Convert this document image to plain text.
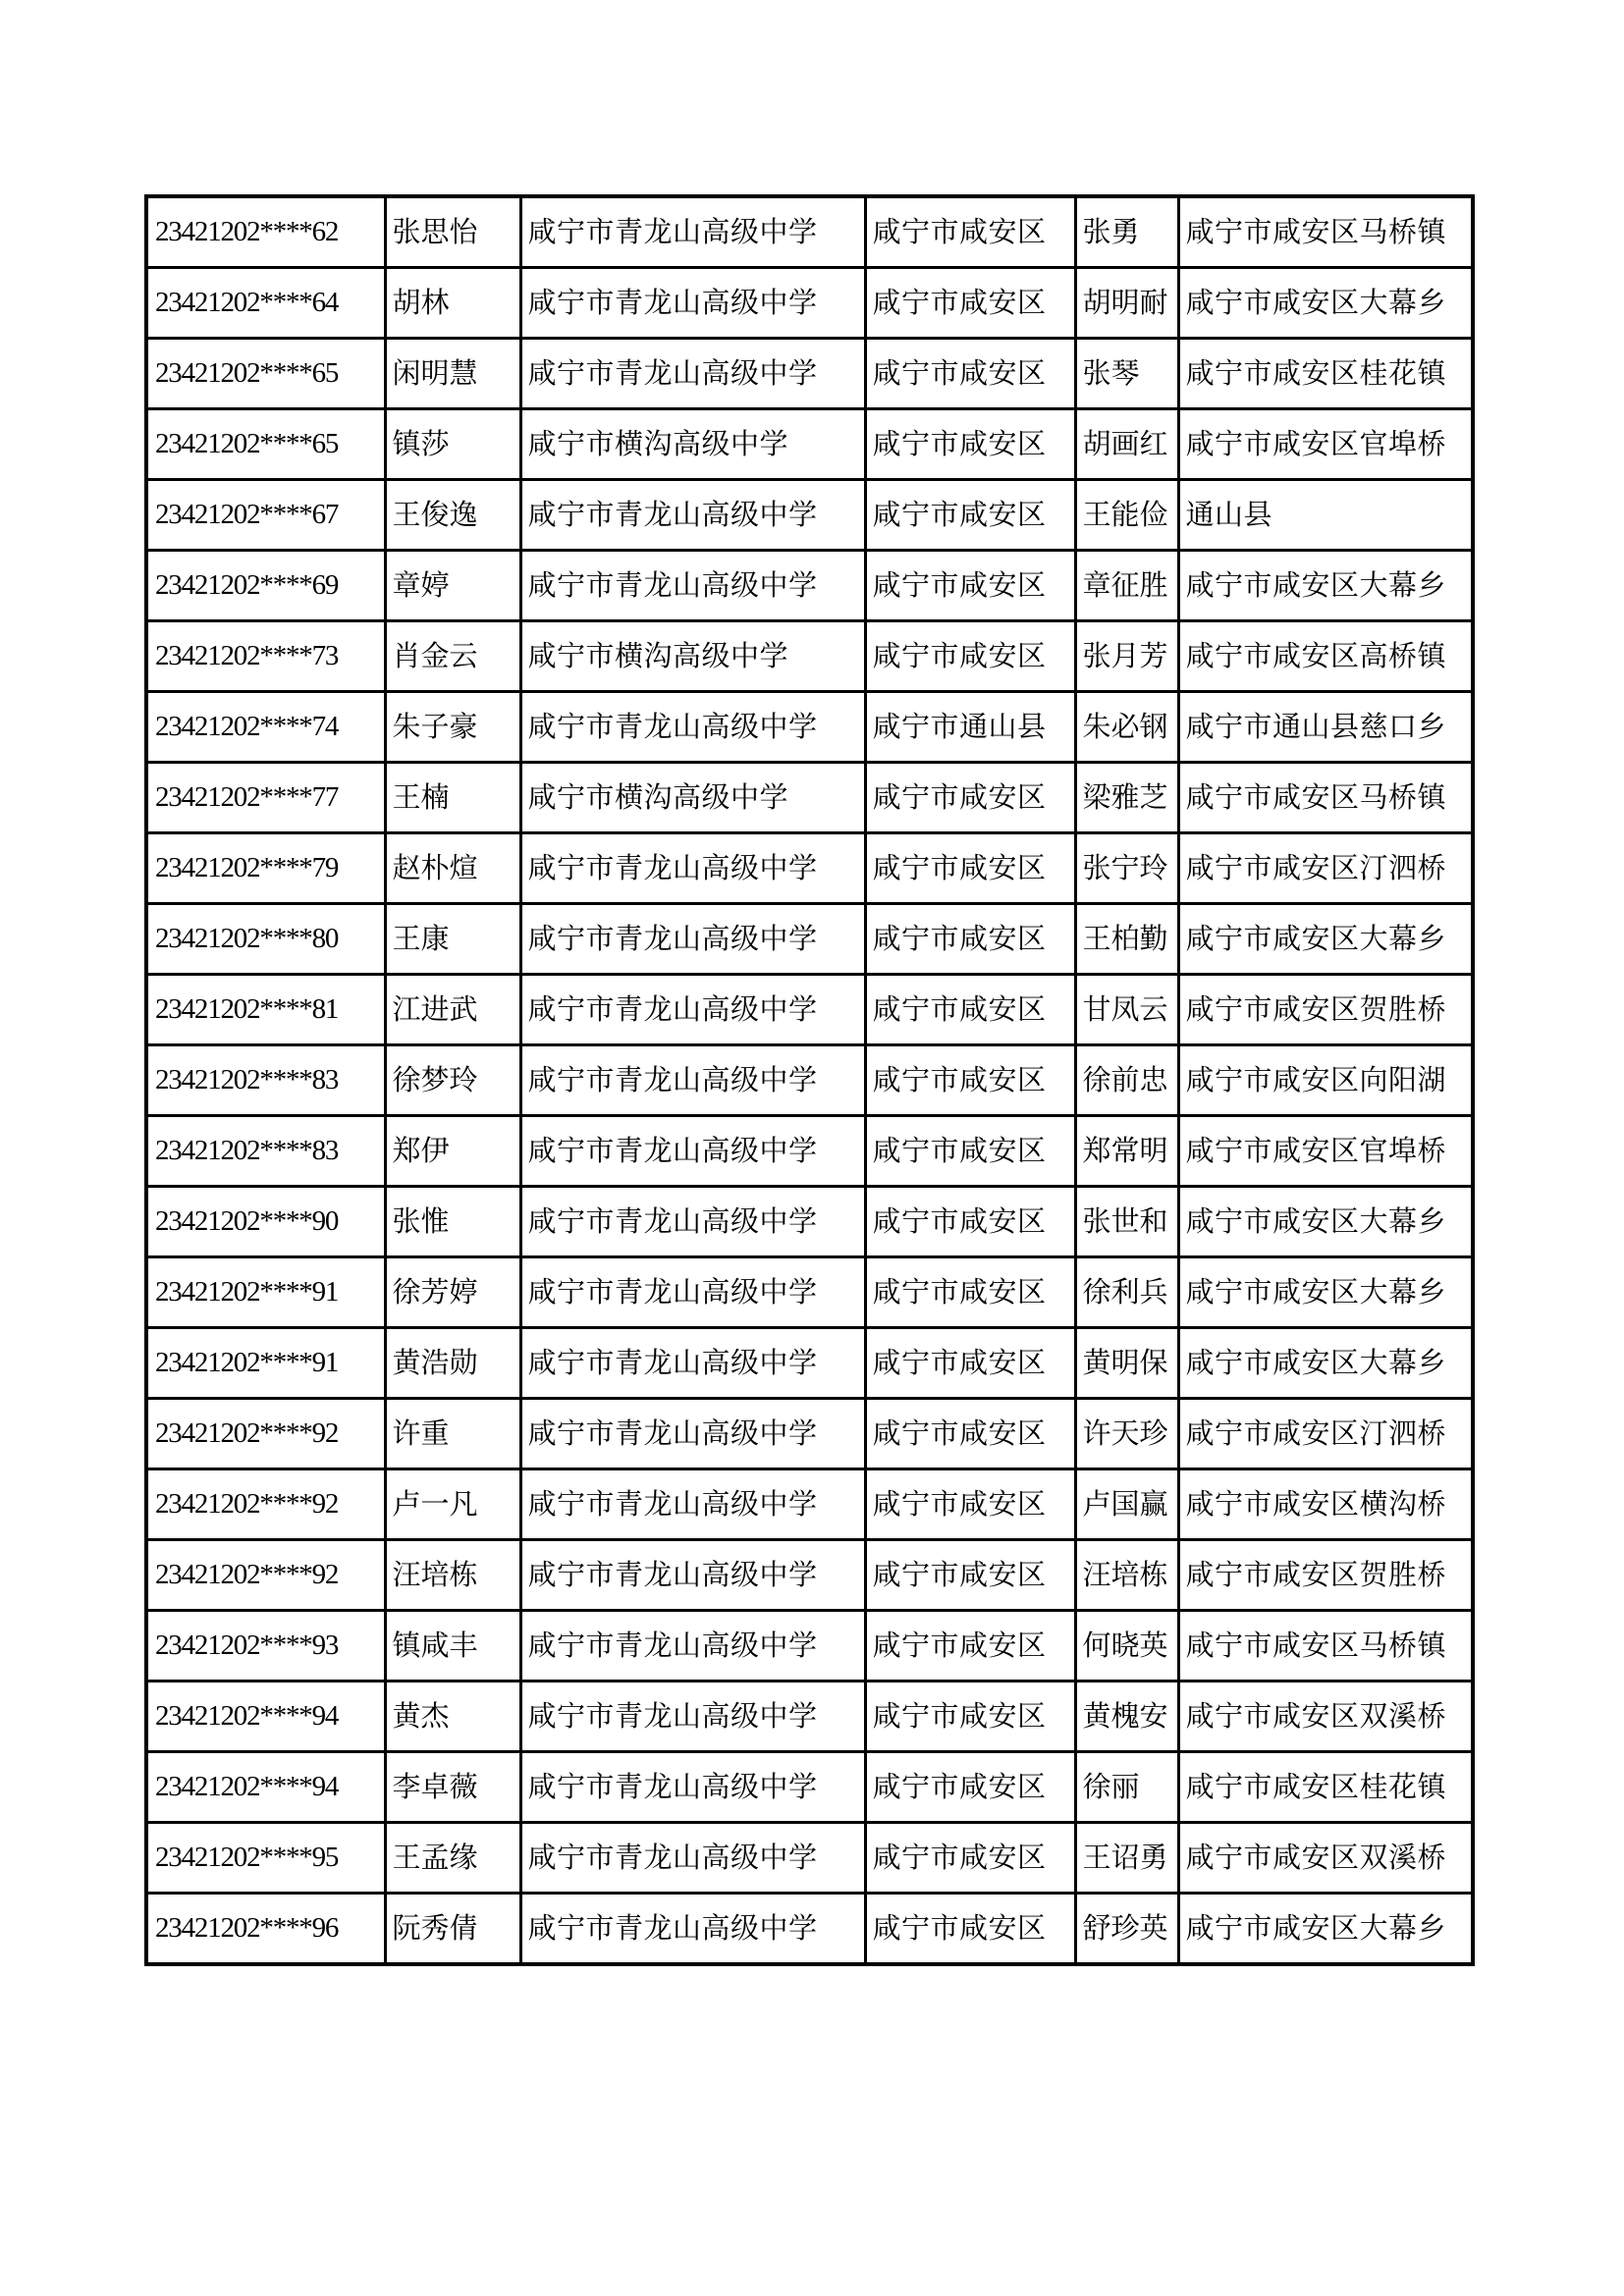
23421202****62	张思怡	咸宁市青龙山高级中学	咸宁市咸安区	张勇	咸宁市咸安区马桥镇
23421202****64	胡林	咸宁市青龙山高级中学	咸宁市咸安区	胡明耐	咸宁市咸安区大幕乡
23421202****65	闲明慧	咸宁市青龙山高级中学	咸宁市咸安区	张琴	咸宁市咸安区桂花镇
23421202****65	镇莎	咸宁市横沟高级中学	咸宁市咸安区	胡画红	咸宁市咸安区官埠桥
23421202****67	王俊逸	咸宁市青龙山高级中学	咸宁市咸安区	王能俭	通山县
23421202****69	章婷	咸宁市青龙山高级中学	咸宁市咸安区	章征胜	咸宁市咸安区大幕乡
23421202****73	肖金云	咸宁市横沟高级中学	咸宁市咸安区	张月芳	咸宁市咸安区高桥镇
23421202****74	朱子豪	咸宁市青龙山高级中学	咸宁市通山县	朱必钢	咸宁市通山县慈口乡
23421202****77	王楠	咸宁市横沟高级中学	咸宁市咸安区	梁雅芝	咸宁市咸安区马桥镇
23421202****79	赵朴煊	咸宁市青龙山高级中学	咸宁市咸安区	张宁玲	咸宁市咸安区汀泗桥
23421202****80	王康	咸宁市青龙山高级中学	咸宁市咸安区	王柏勤	咸宁市咸安区大幕乡
23421202****81	江进武	咸宁市青龙山高级中学	咸宁市咸安区	甘凤云	咸宁市咸安区贺胜桥
23421202****83	徐梦玲	咸宁市青龙山高级中学	咸宁市咸安区	徐前忠	咸宁市咸安区向阳湖
23421202****83	郑伊	咸宁市青龙山高级中学	咸宁市咸安区	郑常明	咸宁市咸安区官埠桥
23421202****90	张惟	咸宁市青龙山高级中学	咸宁市咸安区	张世和	咸宁市咸安区大幕乡
23421202****91	徐芳婷	咸宁市青龙山高级中学	咸宁市咸安区	徐利兵	咸宁市咸安区大幕乡
23421202****91	黄浩勋	咸宁市青龙山高级中学	咸宁市咸安区	黄明保	咸宁市咸安区大幕乡
23421202****92	许重	咸宁市青龙山高级中学	咸宁市咸安区	许天珍	咸宁市咸安区汀泗桥
23421202****92	卢一凡	咸宁市青龙山高级中学	咸宁市咸安区	卢国赢	咸宁市咸安区横沟桥
23421202****92	汪培栋	咸宁市青龙山高级中学	咸宁市咸安区	汪培栋	咸宁市咸安区贺胜桥
23421202****93	镇咸丰	咸宁市青龙山高级中学	咸宁市咸安区	何晓英	咸宁市咸安区马桥镇
23421202****94	黄杰	咸宁市青龙山高级中学	咸宁市咸安区	黄槐安	咸宁市咸安区双溪桥
23421202****94	李卓薇	咸宁市青龙山高级中学	咸宁市咸安区	徐丽	咸宁市咸安区桂花镇
23421202****95	王孟缘	咸宁市青龙山高级中学	咸宁市咸安区	王诏勇	咸宁市咸安区双溪桥
23421202****96	阮秀倩	咸宁市青龙山高级中学	咸宁市咸安区	舒珍英	咸宁市咸安区大幕乡
